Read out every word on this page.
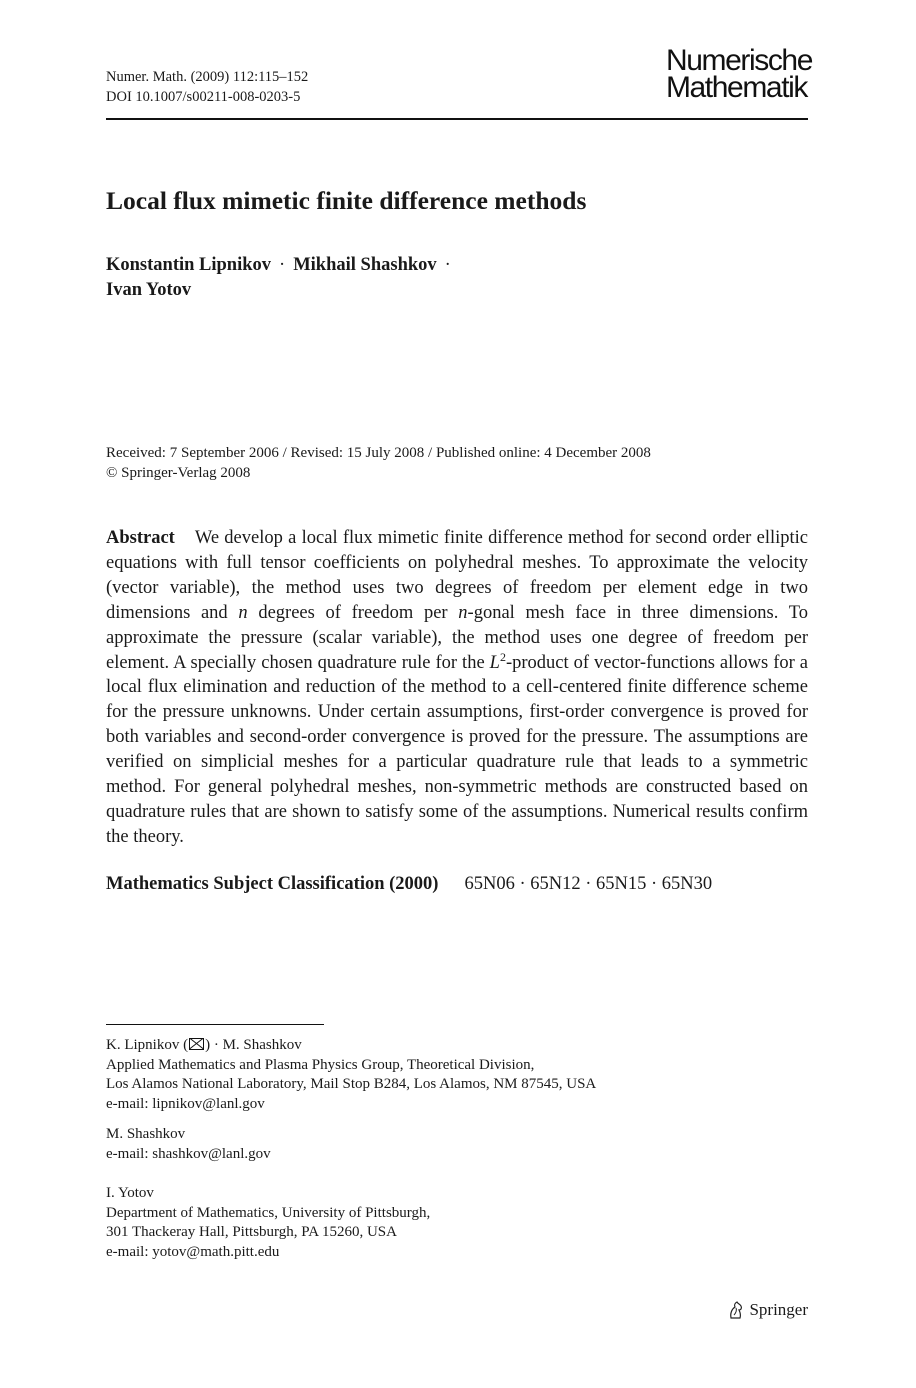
Numer. Math. (2009) 112:115–152
DOI 10.1007/s00211-008-0203-5
Numerische
Mathematik
Local flux mimetic finite difference methods
Konstantin Lipnikov · Mikhail Shashkov ·
Ivan Yotov
Received: 7 September 2006 / Revised: 15 July 2008 / Published online: 4 December 2008
© Springer-Verlag 2008
Abstract We develop a local flux mimetic finite difference method for second order elliptic equations with full tensor coefficients on polyhedral meshes. To approximate the velocity (vector variable), the method uses two degrees of freedom per element edge in two dimensions and n degrees of freedom per n-gonal mesh face in three dimensions. To approximate the pressure (scalar variable), the method uses one degree of freedom per element. A specially chosen quadrature rule for the $L^2$-product of vector-functions allows for a local flux elimination and reduction of the method to a cell-centered finite difference scheme for the pressure unknowns. Under certain assumptions, first-order convergence is proved for both variables and second-order convergence is proved for the pressure. The assumptions are verified on simplicial meshes for a particular quadrature rule that leads to a symmetric method. For general polyhedral meshes, non-symmetric methods are constructed based on quadrature rules that are shown to satisfy some of the assumptions. Numerical results confirm the theory.
Mathematics Subject Classification (2000) 65N06 · 65N12 · 65N15 · 65N30
K. Lipnikov ( ) · M. Shashkov
Applied Mathematics and Plasma Physics Group, Theoretical Division,
Los Alamos National Laboratory, Mail Stop B284, Los Alamos, NM 87545, USA
e-mail: lipnikov@lanl.gov
M. Shashkov
e-mail: shashkov@lanl.gov
I. Yotov
Department of Mathematics, University of Pittsburgh,
301 Thackeray Hall, Pittsburgh, PA 15260, USA
e-mail: yotov@math.pitt.edu
Springer
